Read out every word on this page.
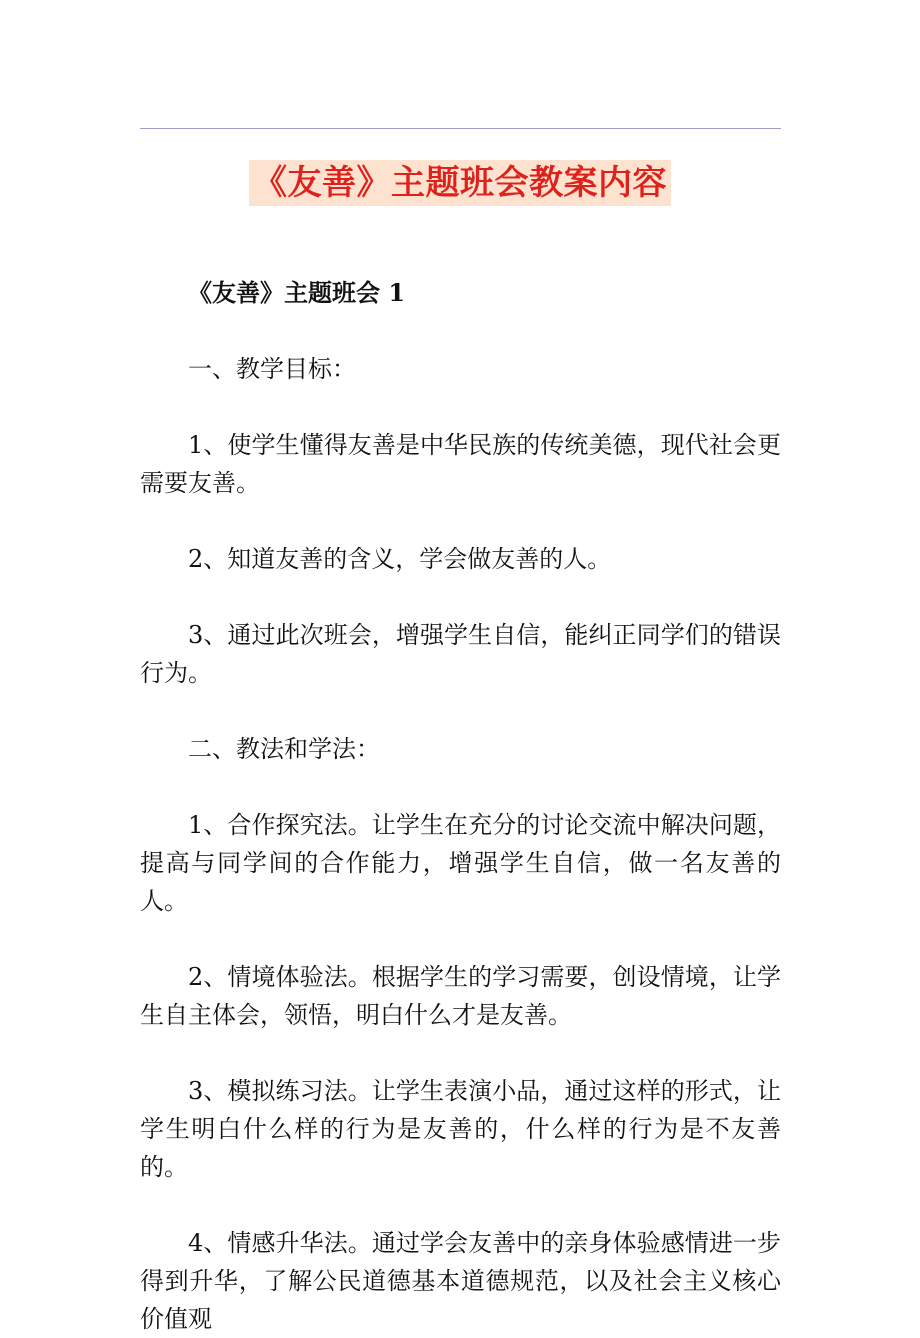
《友善》主题班会教案内容

《友善》主题班会 1

一、教学目标：

1、使学生懂得友善是中华民族的传统美德，现代社会更需要友善。

2、知道友善的含义，学会做友善的人。

3、通过此次班会，增强学生自信，能纠正同学们的错误行为。

二、教法和学法：

1、合作探究法。让学生在充分的讨论交流中解决问题，提高与同学间的合作能力，增强学生自信，做一名友善的人。

2、情境体验法。根据学生的学习需要，创设情境，让学生自主体会，领悟，明白什么才是友善。

3、模拟练习法。让学生表演小品，通过这样的形式，让学生明白什么样的行为是友善的，什么样的行为是不友善的。

4、情感升华法。通过学会友善中的亲身体验感情进一步得到升华，了解公民道德基本道德规范，以及社会主义核心价值观
